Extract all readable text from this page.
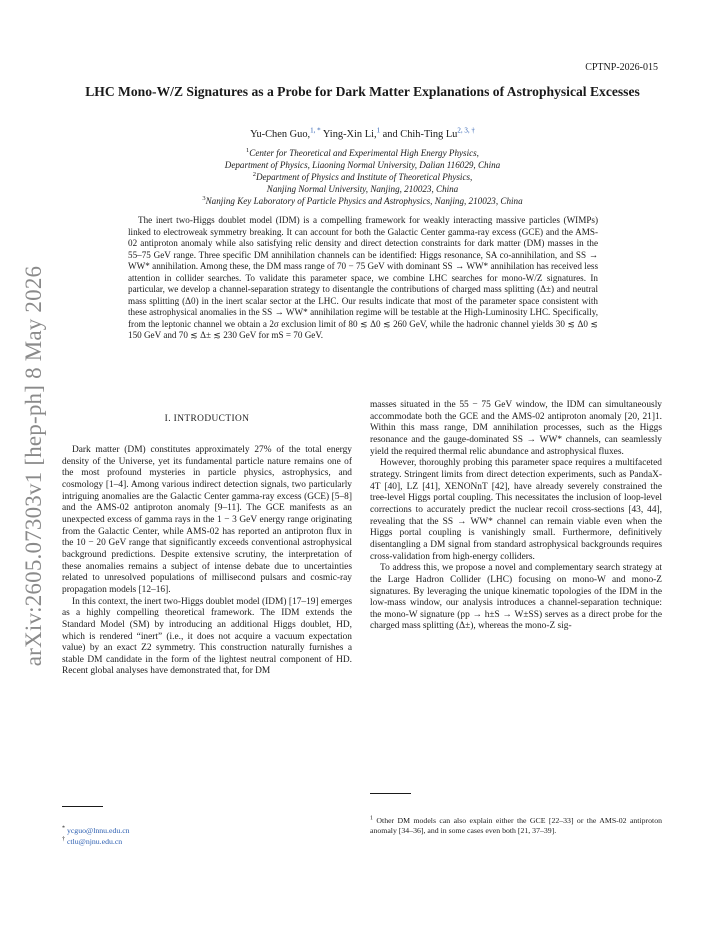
CPTNP-2026-015
arXiv:2605.07303v1 [hep-ph] 8 May 2026
LHC Mono-W/Z Signatures as a Probe for Dark Matter Explanations of Astrophysical Excesses
Yu-Chen Guo,$^{1, *}$ Ying-Xin Li,$^1$ and Chih-Ting $Lu^{2, 3, \dagger}$
$^1$Center for Theoretical and Experimental High Energy Physics,
Department of Physics, Liaoning Normal University, Dalian 116029, China
$^2$Department of Physics and Institute of Theoretical Physics,
Nanjing Normal University, Nanjing, 210023, China
$^3$Nanjing Key Laboratory of Particle Physics and Astrophysics, Nanjing, 210023, China

The inert two-Higgs doublet model (IDM) is a compelling framework for weakly interacting massive particles (WIMPs) linked to electroweak symmetry breaking. It can account for both the Galactic Center gamma-ray excess (GCE) and the AMS-02 antiproton anomaly while also satisfying relic density and direct detection constraints for dark matter (DM) masses in the 55–75 GeV range. Three specific DM annihilation channels can be identified: Higgs resonance, SA co-annihilation, and SS → WW* annihilation. Among these, the DM mass range of 70 − 75 GeV with dominant SS → WW* annihilation has received less attention in collider searches. To validate this parameter space, we combine LHC searches for mono-W/Z signatures. In particular, we develop a channel-separation strategy to disentangle the contributions of charged mass splitting (Δ±) and neutral mass splitting (Δ0) in the inert scalar sector at the LHC. Our results indicate that most of the parameter space consistent with these astrophysical anomalies in the SS → WW* annihilation regime will be testable at the High-Luminosity LHC. Specifically, from the leptonic channel we obtain a 2σ exclusion limit of 80 ≲ Δ0 ≲ 260 GeV, while the hadronic channel yields 30 ≲ Δ0 ≲ 150 GeV and 70 ≲ Δ± ≲ 230 GeV for mS = 70 GeV.

I. INTRODUCTION

Dark matter (DM) constitutes approximately 27% of the total energy density of the Universe, yet its fundamental particle nature remains one of the most profound mysteries in particle physics, astrophysics, and cosmology [1–4]. Among various indirect detection signals, two particularly intriguing anomalies are the Galactic Center gamma-ray excess (GCE) [5–8] and the AMS-02 antiproton anomaly [9–11]. The GCE manifests as an unexpected excess of gamma rays in the 1 − 3 GeV energy range originating from the Galactic Center, while AMS-02 has reported an antiproton flux in the 10 − 20 GeV range that significantly exceeds conventional astrophysical background predictions. Despite extensive scrutiny, the interpretation of these anomalies remains a subject of intense debate due to uncertainties related to unresolved populations of millisecond pulsars and cosmic-ray propagation models [12–16].

In this context, the inert two-Higgs doublet model (IDM) [17–19] emerges as a highly compelling theoretical framework. The IDM extends the Standard Model (SM) by introducing an additional Higgs doublet, HD, which is rendered “inert” (i.e., it does not acquire a vacuum expectation value) by an exact Z2 symmetry. This construction naturally furnishes a stable DM candidate in the form of the lightest neutral component of HD. Recent global analyses have demonstrated that, for DM

masses situated in the 55 − 75 GeV window, the IDM can simultaneously accommodate both the GCE and the AMS-02 antiproton anomaly [20, 21]1. Within this mass range, DM annihilation processes, such as the Higgs resonance and the gauge-dominated SS → WW* channels, can seamlessly yield the required thermal relic abundance and astrophysical fluxes.

However, thoroughly probing this parameter space requires a multifaceted strategy. Stringent limits from direct detection experiments, such as PandaX-4T [40], LZ [41], XENONnT [42], have already severely constrained the tree-level Higgs portal coupling. This necessitates the inclusion of loop-level corrections to accurately predict the nuclear recoil cross-sections [43, 44], revealing that the SS → WW* channel can remain viable even when the Higgs portal coupling is vanishingly small. Furthermore, definitively disentangling a DM signal from standard astrophysical backgrounds requires cross-validation from high-energy colliders.

To address this, we propose a novel and complementary search strategy at the Large Hadron Collider (LHC) focusing on mono-W and mono-Z signatures. By leveraging the unique kinematic topologies of the IDM in the low-mass window, our analysis introduces a channel-separation technique: the mono-W signature (pp → h±S → W±SS) serves as a direct probe for the charged mass splitting (Δ±), whereas the mono-Z sig-

* ycguo@lnnu.edu.cn
† ctlu@njnu.edu.cn
$^1$ Other DM models can also explain either the GCE [22–33] or the AMS-02 antiproton anomaly [34–36], and in some cases even both [21, 37–39].
